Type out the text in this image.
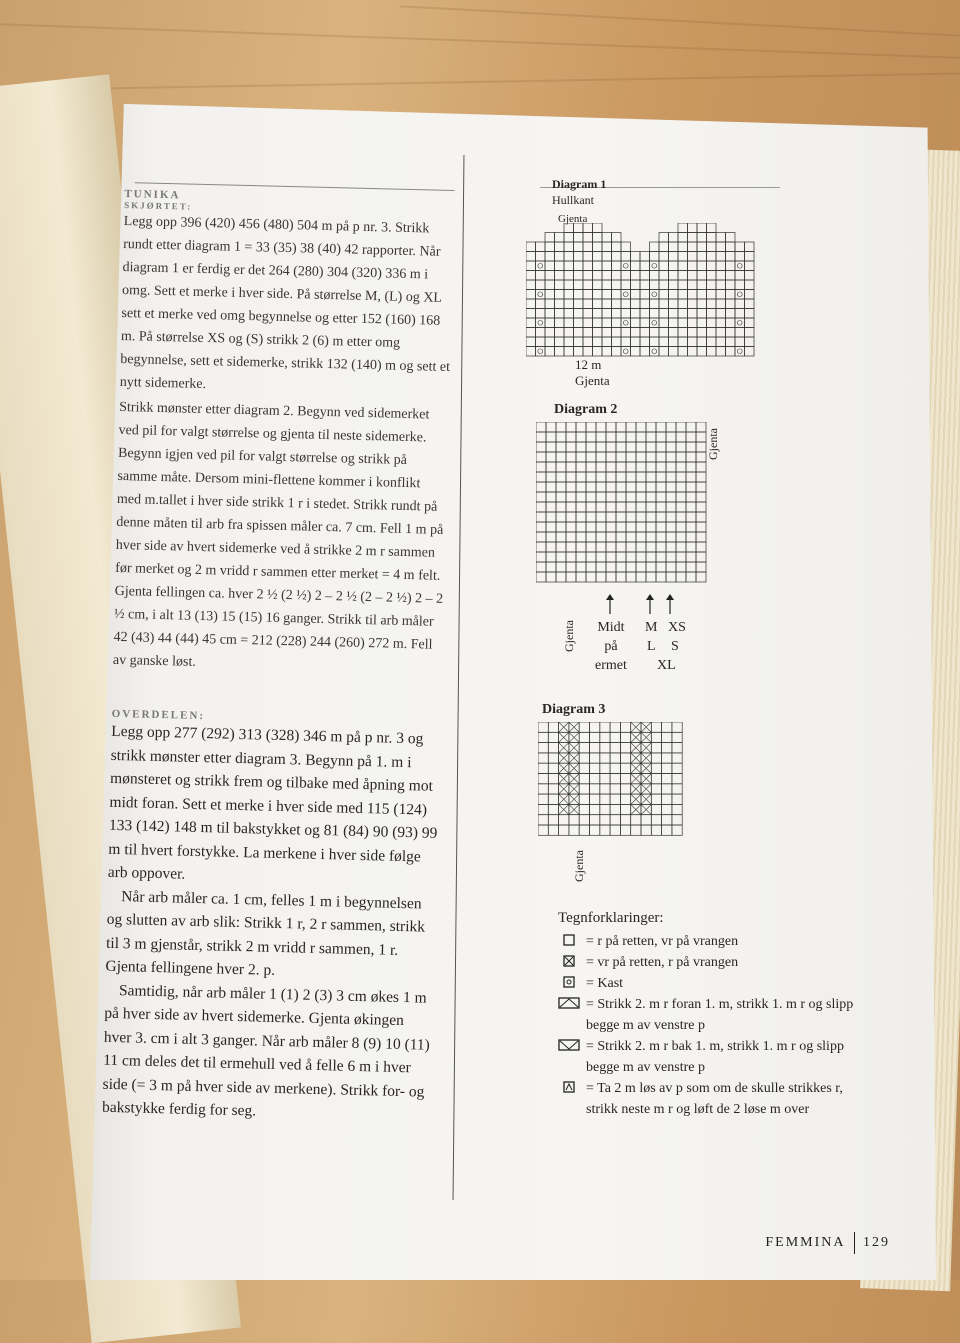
TUNIKA
SKJØRTET:

Legg opp 396 (420) 456 (480) 504 m på p nr. 3. Strikk rundt etter diagram 1 = 33 (35) 38 (40) 42 rapporter. Når diagram 1 er ferdig er det 264 (280) 304 (320) 336 m i omg. Sett et merke i hver side. På størrelse M, (L) og XL sett et merke ved omg begynnelse og etter 152 (160) 168 m. På størrelse XS og (S) strikk 2 (6) m etter omg begynnelse, sett et sidemerke, strikk 132 (140) m og sett et nytt sidemerke.

Strikk mønster etter diagram 2. Begynn ved sidemerket ved pil for valgt størrelse og gjenta til neste sidemerke. Begynn igjen ved pil for valgt størrelse og strikk på samme måte. Dersom mini-flettene kommer i konflikt med m.tallet i hver side strikk 1 r i stedet. Strikk rundt på denne måten til arb fra spissen måler ca. 7 cm. Fell 1 m på hver side av hvert sidemerke ved å strikke 2 m r sammen før merket og 2 m vridd r sammen etter merket = 4 m felt. Gjenta fellingen ca. hver 2 ½ (2 ½) 2 – 2 ½ (2 – 2 ½) 2 – 2 ½ cm, i alt 13 (13) 15 (15) 16 ganger. Strikk til arb måler 42 (43) 44 (44) 45 cm = 212 (228) 244 (260) 272 m. Fell av ganske løst.

OVERDELEN:

Legg opp 277 (292) 313 (328) 346 m på p nr. 3 og strikk mønster etter diagram 3. Begynn på 1. m i mønsteret og strikk frem og tilbake med åpning mot midt foran. Sett et merke i hver side med 115 (124) 133 (142) 148 m til bakstykket og 81 (84) 90 (93) 99 m til hvert forstykke. La merkene i hver side følge arb oppover.

Når arb måler ca. 1 cm, felles 1 m i begynnelsen og slutten av arb slik: Strikk 1 r, 2 r sammen, strikk til 3 m gjenstår, strikk 2 m vridd r sammen, 1 r. Gjenta fellingene hver 2. p.

Samtidig, når arb måler 1 (1) 2 (3) 3 cm økes 1 m på hver side av hvert sidemerke. Gjenta økingen hver 3. cm i alt 3 ganger. Når arb måler 8 (9) 10 (11) 11 cm deles det til ermehull ved å felle 6 m i hver side (= 3 m på hver side av merkene). Strikk for- og bakstykke ferdig for seg.

Diagram 1

Hullkant

Gjenta
12 m
Gjenta

Diagram 2

Gjenta
Gjenta Midt
på
ermet
M
L
XS
S
XL

Diagram 3

Gjenta

Tegnforklaringer:

= r på retten, vr på vrangen
= vr på retten, r på vrangen
= Kast
= Strikk 2. m r foran 1. m, strikk 1. m r og slipp begge m av venstre p
= Strikk 2. m r bak 1. m, strikk 1. m r og slipp begge m av venstre p
= Ta 2 m løs av p som om de skulle strikkes r, strikk neste m r og løft de 2 løse m over
FEMMINA 129
